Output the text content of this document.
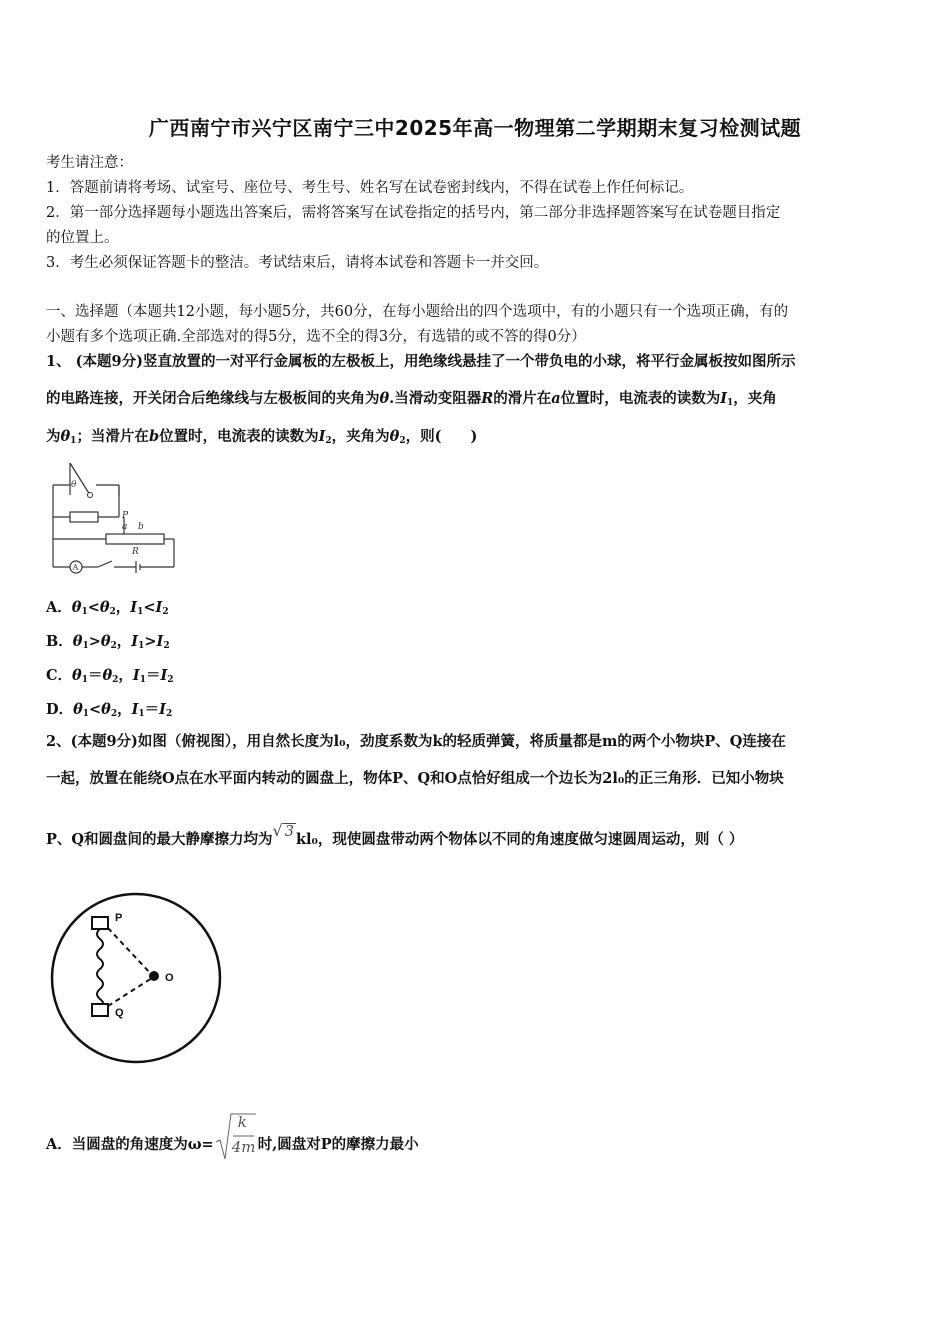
广西南宁市兴宁区南宁三中2025年高一物理第二学期期末复习检测试题
考生请注意：
1．答题前请将考场、试室号、座位号、考生号、姓名写在试卷密封线内，不得在试卷上作任何标记。
2．第一部分选择题每小题选出答案后，需将答案写在试卷指定的括号内，第二部分非选择题答案写在试卷题目指定
的位置上。
3．考生必须保证答题卡的整洁。考试结束后，请将本试卷和答题卡一并交回。
一、选择题（本题共12小题，每小题5分，共60分，在每小题给出的四个选项中，有的小题只有一个选项正确，有的
小题有多个选项正确.全部选对的得5分，选不全的得3分，有选错的或不答的得0分）
1、 (本题9分)竖直放置的一对平行金属板的左极板上，用绝缘线悬挂了一个带负电的小球，将平行金属板按如图所示
的电路连接，开关闭合后绝缘线与左极板间的夹角为θ.当滑动变阻器R的滑片在a位置时，电流表的读数为$I_1$，夹角
为$\theta_1$；当滑片在b位置时，电流表的读数为$I_2$，夹角为$\theta_2$，则(　　)
θ
P
a b
R
A
A．$\theta_1<\theta_2$，$I_1<I_2$
B．$\theta_1>\theta_2$，$I_1>I_2$
C．$\theta_1=\theta_2$，$I_1=I_2$
D．$\theta_1<\theta_2$，$I_1=I_2$
2、(本题9分)如图（俯视图），用自然长度为l₀，劲度系数为k的轻质弹簧，将质量都是m的两个小物块P、Q连接在
一起，放置在能绕O点在水平面内转动的圆盘上，物体P、Q和O点恰好组成一个边长为2l₀的正三角形．已知小物块
P、Q和圆盘间的最大静摩擦力均为√ 3 kl₀，现使圆盘带动两个物体以不同的角速度做匀速圆周运动，则（ ）
P
O
Q
A．当圆盘的角速度为ω=
k
4m 时,圆盘对P的摩擦力最小
